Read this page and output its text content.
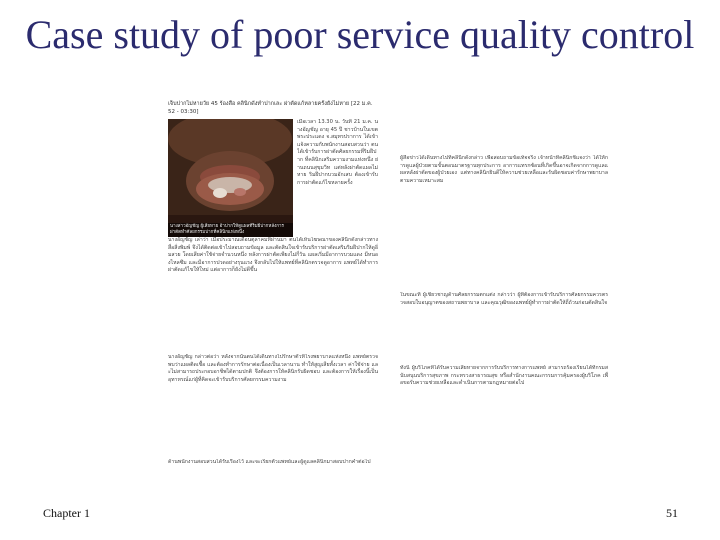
Case study of poor service quality control
เจ็บปากไม่หายวัย 45 ร้องสื่อ คลินิกดังทำปากเละ ผ่าตัดแก้หลายครั้งยังไม่หาย [22 ม.ค. 52 - 03:30]
นางสาวอัญชัญ ผู้เสียหาย อ้าปากให้ดูแผลที่ริมฝีปากหลังการผ่าตัดทำศัลยกรรมปากที่คลินิกแห่งหนึ่ง
เมื่อเวลา 13.30 น. วันที่ 21 ม.ค. นางอัญชัญ อายุ 45 ปี ชาวบ้านในเขตพระประแดง จ.สมุทรปราการ ได้เข้าแจ้งความกับพนักงานสอบสวนว่า ตนได้เข้ารับการผ่าตัดศัลยกรรมที่ริมฝีปาก ที่คลินิกเสริมความงามแห่งหนึ่ง ย่านถนนสุขุมวิท แต่หลังผ่าตัดแผลไม่หาย ริมฝีปากบวมอักเสบ ต้องเข้ารับการผ่าตัดแก้ไขหลายครั้ง
นางอัญชัญ เล่าว่า เมื่อประมาณเดือนตุลาคมที่ผ่านมา ตนได้เห็นโฆษณาของคลินิกดังกล่าวทางสื่อสิ่งพิมพ์ จึงได้ติดต่อเข้าไปสอบถามข้อมูล และตัดสินใจเข้ารับบริการผ่าตัดเสริมริมฝีปากให้ดูอิ่มสวย โดยเสียค่าใช้จ่ายจำนวนหนึ่ง หลังการผ่าตัดเพียงไม่กี่วัน แผลเริ่มมีอาการบวมแดง มีหนองไหลซึม และมีอาการปวดอย่างรุนแรง จึงกลับไปให้แพทย์ที่คลินิกตรวจดูอาการ แพทย์ได้ทำการผ่าตัดแก้ไขให้ใหม่ แต่อาการก็ยังไม่ดีขึ้น
นางอัญชัญ กล่าวต่อว่า หลังจากนั้นตนได้เดินทางไปรักษาตัวที่โรงพยาบาลแห่งหนึ่ง แพทย์ตรวจพบว่าแผลติดเชื้อ และต้องทำการรักษาต่อเนื่องเป็นเวลานาน ทำให้สูญเสียทั้งเวลา ค่าใช้จ่าย และไม่สามารถประกอบอาชีพได้ตามปกติ จึงต้องการให้คลินิกรับผิดชอบ และต้องการให้เรื่องนี้เป็นอุทาหรณ์แก่ผู้ที่คิดจะเข้ารับบริการศัลยกรรมความงาม
ด้านพนักงานสอบสวนได้รับเรื่องไว้ และจะเรียกตัวแพทย์และผู้ดูแลคลินิกมาสอบปากคำต่อไป
ผู้สื่อข่าวได้เดินทางไปที่คลินิกดังกล่าว เพื่อสอบถามข้อเท็จจริง เจ้าหน้าที่คลินิกชี้แจงว่า ได้ให้การดูแลผู้ป่วยตามขั้นตอนมาตรฐานทุกประการ อาการแทรกซ้อนที่เกิดขึ้นอาจเกิดจากการดูแลแผลหลังผ่าตัดของผู้ป่วยเอง แต่ทางคลินิกยินดีให้ความช่วยเหลือและรับผิดชอบค่ารักษาพยาบาลตามความเหมาะสม
ในขณะที่ ผู้เชี่ยวชาญด้านศัลยกรรมตกแต่ง กล่าวว่า ผู้ที่ต้องการเข้ารับบริการศัลยกรรมควรตรวจสอบใบอนุญาตของสถานพยาบาล และคุณวุฒิของแพทย์ผู้ทำการผ่าตัดให้ถี่ถ้วนก่อนตัดสินใจ
ทั้งนี้ ผู้บริโภคที่ได้รับความเสียหายจากการรับบริการทางการแพทย์ สามารถร้องเรียนได้ที่กรมสนับสนุนบริการสุขภาพ กระทรวงสาธารณสุข หรือสำนักงานคณะกรรมการคุ้มครองผู้บริโภค เพื่อขอรับความช่วยเหลือและดำเนินการตามกฎหมายต่อไป
Chapter 1	51
